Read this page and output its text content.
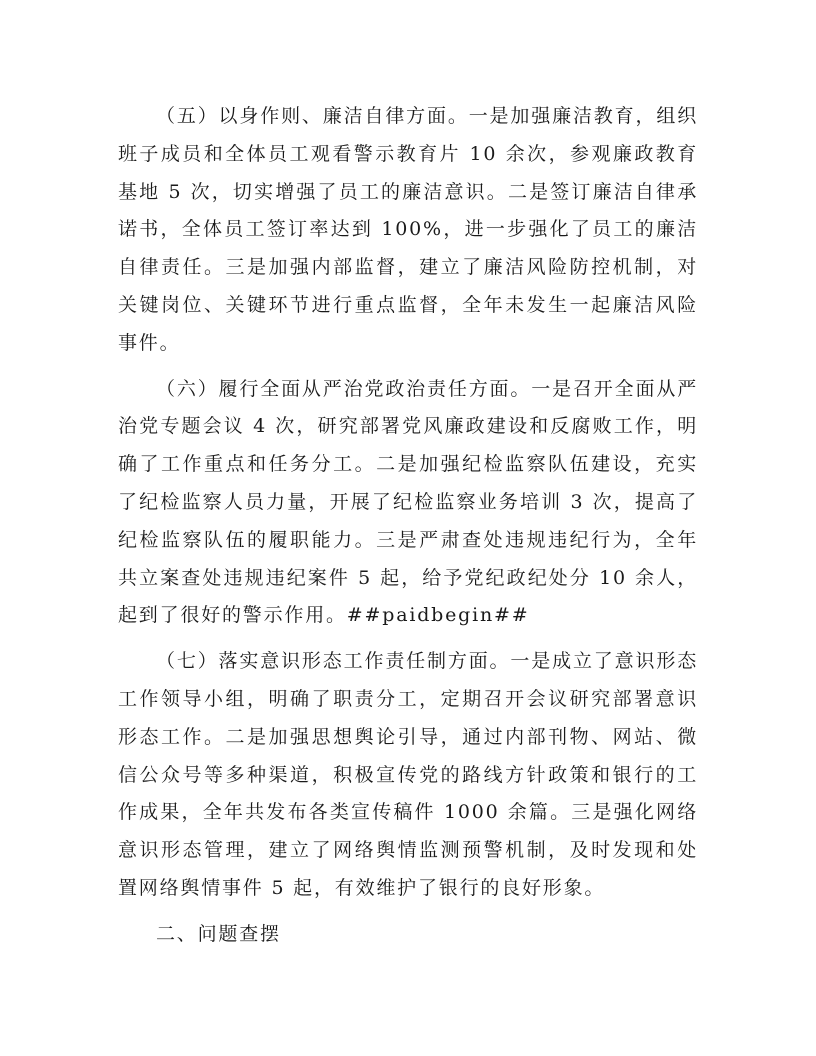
（五）以身作则、廉洁自律方面。一是加强廉洁教育，组织班子成员和全体员工观看警示教育片 10 余次，参观廉政教育基地 5 次，切实增强了员工的廉洁意识。二是签订廉洁自律承诺书，全体员工签订率达到 100%，进一步强化了员工的廉洁自律责任。三是加强内部监督，建立了廉洁风险防控机制，对关键岗位、关键环节进行重点监督，全年未发生一起廉洁风险事件。

（六）履行全面从严治党政治责任方面。一是召开全面从严治党专题会议 4 次，研究部署党风廉政建设和反腐败工作，明确了工作重点和任务分工。二是加强纪检监察队伍建设，充实了纪检监察人员力量，开展了纪检监察业务培训 3 次，提高了纪检监察队伍的履职能力。三是严肃查处违规违纪行为，全年共立案查处违规违纪案件 5 起，给予党纪政纪处分 10 余人，起到了很好的警示作用。##paidbegin##

（七）落实意识形态工作责任制方面。一是成立了意识形态工作领导小组，明确了职责分工，定期召开会议研究部署意识形态工作。二是加强思想舆论引导，通过内部刊物、网站、微信公众号等多种渠道，积极宣传党的路线方针政策和银行的工作成果，全年共发布各类宣传稿件 1000 余篇。三是强化网络意识形态管理，建立了网络舆情监测预警机制，及时发现和处置网络舆情事件 5 起，有效维护了银行的良好形象。

二、问题查摆
